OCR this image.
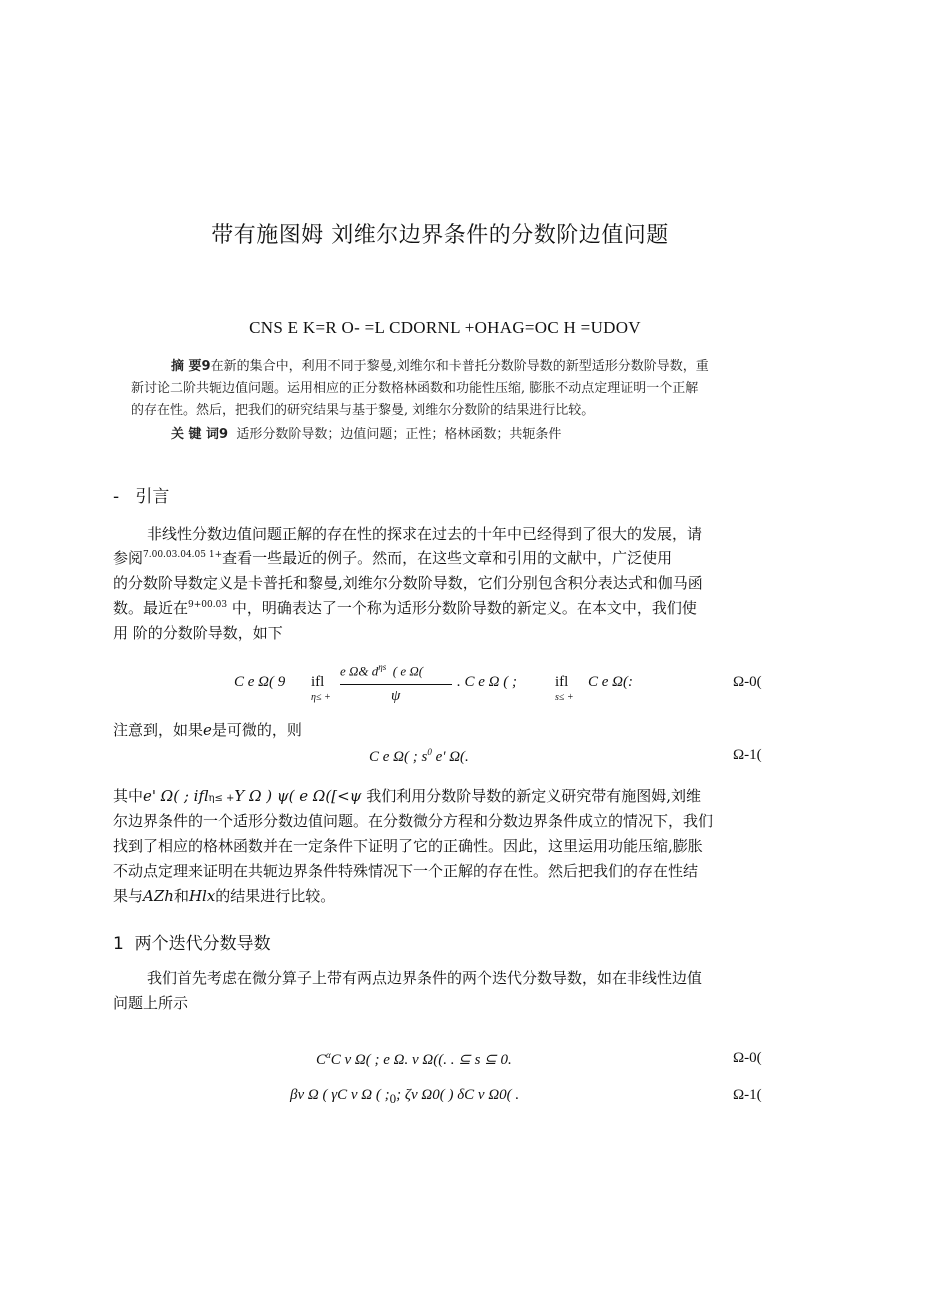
带有施图姆 刘维尔边界条件的分数阶边值问题
CNS E K=R O- =L CDORNL +OHAG=OC H =UDOV
摘 要9在新的集合中，利用不同于黎曼,刘维尔和卡普托分数阶导数的新型适形分数阶导数，重
新讨论二阶共轭边值问题。运用相应的正分数格林函数和功能性压缩, 膨胀不动点定理证明一个正解
的存在性。然后，把我们的研究结果与基于黎曼, 刘维尔分数阶的结果进行比较。
关 键 词9 适形分数阶导数；边值问题；正性；格林函数；共轭条件
- 引言
非线性分数边值问题正解的存在性的探求在过去的十年中已经得到了很大的发展，请
参阅$^{7.00.03.04.05 1+}$查看一些最近的例子。然而，在这些文章和引用的文献中，广泛使用
的分数阶导数定义是卡普托和黎曼,刘维尔分数阶导数，它们分别包含积分表达式和伽马函
数。最近在$^{9+00.03}$ 中，明确表达了一个称为适形分数阶导数的新定义。在本文中，我们使
用 阶的分数阶导数，如下
C e Ω( 9 ifl
η≤ +
e Ω& d$^{\eta s}$ ( e Ω(
ψ
. C e Ω ( ;	ifl
s≤ +
C e Ω(:	Ω-0(
注意到，如果e是可微的，则
C e Ω( ; s$^0$ e' Ω(.	Ω-1(
其中e' Ω( ; iflη≤ +Y Ω ) ψ( e Ω([<ψ 我们利用分数阶导数的新定义研究带有施图姆,刘维
尔边界条件的一个适形分数边值问题。在分数微分方程和分数边界条件成立的情况下，我们
找到了相应的格林函数并在一定条件下证明了它的正确性。因此，这里运用功能压缩,膨胀
不动点定理来证明在共轭边界条件特殊情况下一个正解的存在性。然后把我们的存在性结
果与AZh和Hlx的结果进行比较。
1 两个迭代分数导数
我们首先考虑在微分算子上带有两点边界条件的两个迭代分数导数，如在非线性边值
问题上所示
C$^\alpha$C v Ω( ; e Ω. v Ω((. . ⊆ s ⊆ 0.	Ω-0(
βv Ω ( γC v Ω ( $;_0$; ζv Ω0( ) δC v Ω0( .	Ω-1(
